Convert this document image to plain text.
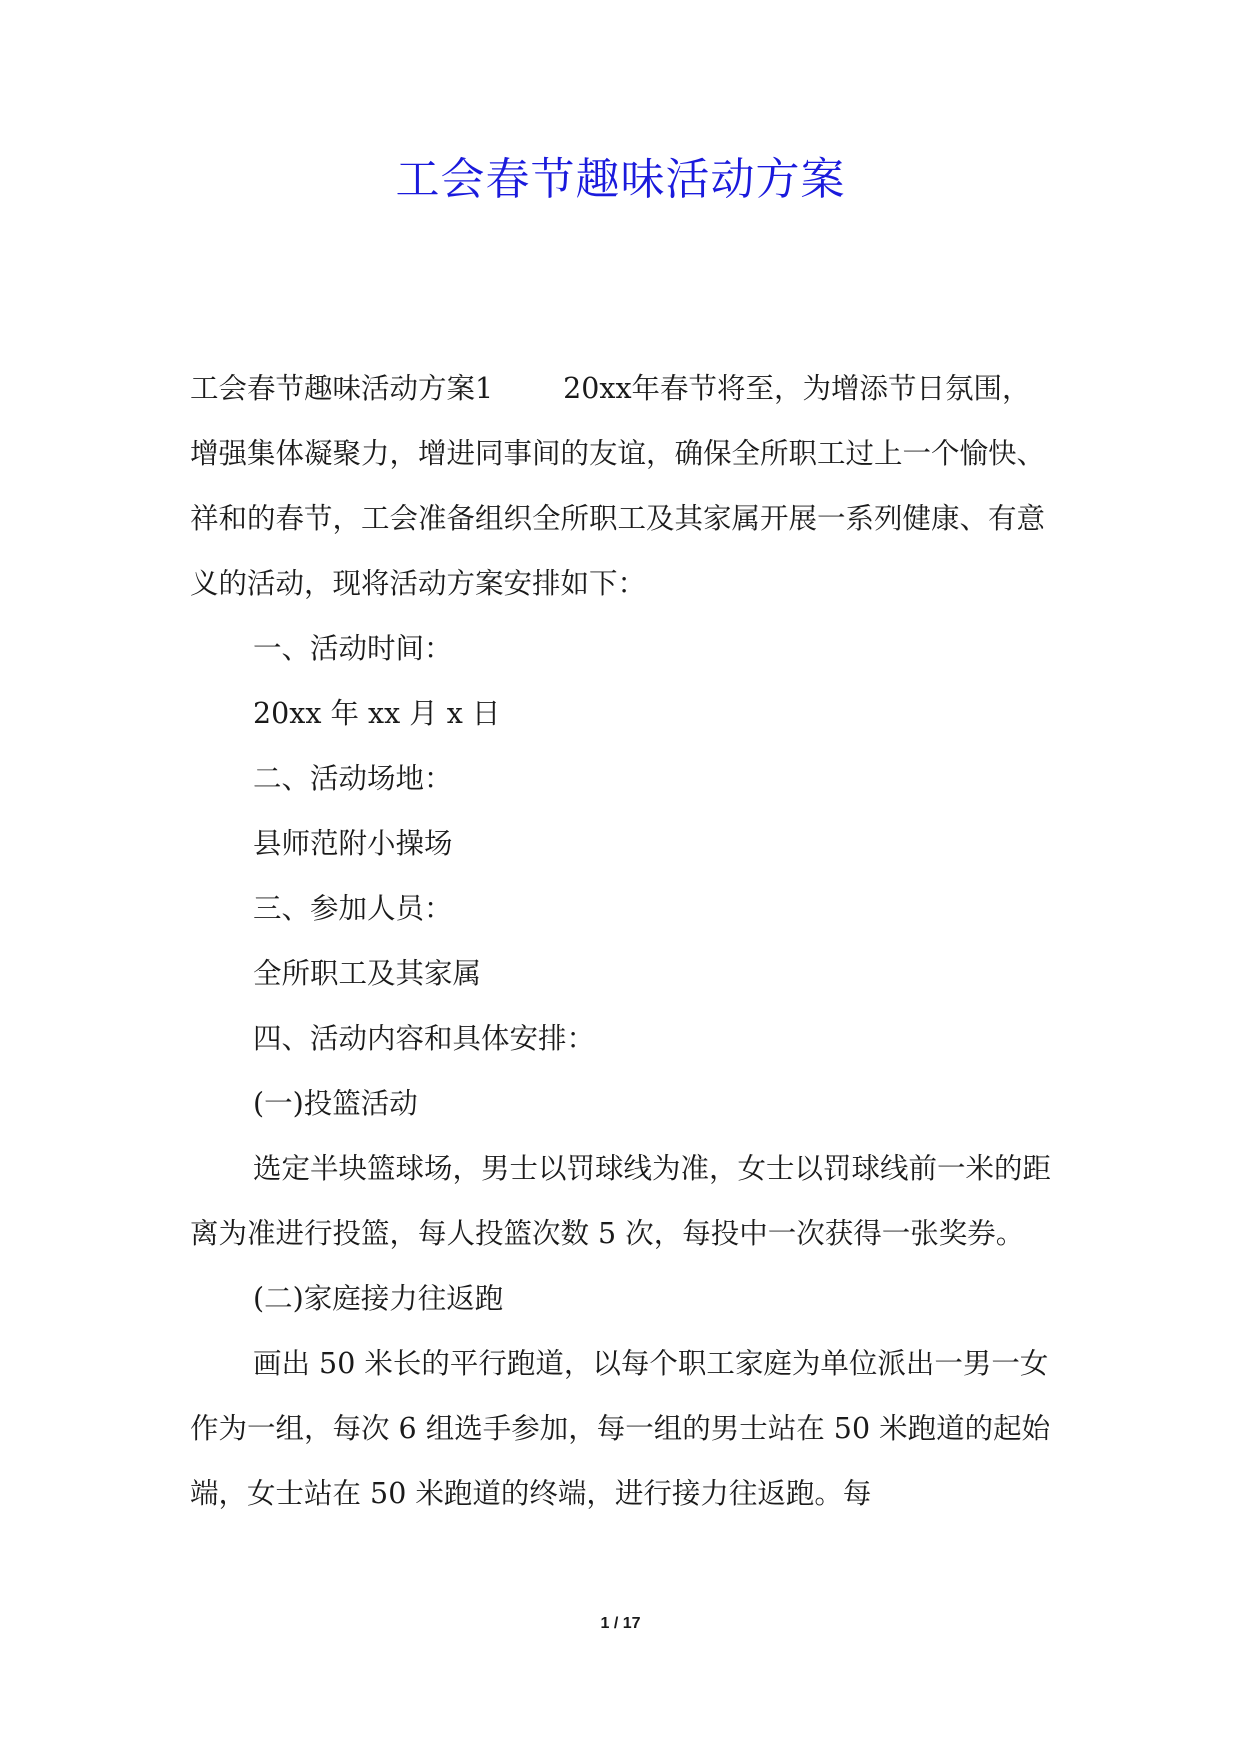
工会春节趣味活动方案

工会春节趣味活动方案1 20xx年春节将至，为增添节日氛围，增强集体凝聚力，增进同事间的友谊，确保全所职工过上一个愉快、祥和的春节，工会准备组织全所职工及其家属开展一系列健康、有意义的活动，现将活动方案安排如下：

一、活动时间：

20xx 年 xx 月 x 日

二、活动场地：

县师范附小操场

三、参加人员：

全所职工及其家属

四、活动内容和具体安排：

(一)投篮活动

选定半块篮球场，男士以罚球线为准，女士以罚球线前一米的距离为准进行投篮，每人投篮次数 5 次，每投中一次获得一张奖券。

(二)家庭接力往返跑

画出 50 米长的平行跑道，以每个职工家庭为单位派出一男一女作为一组，每次 6 组选手参加，每一组的男士站在 50 米跑道的起始端，女士站在 50 米跑道的终端，进行接力往返跑。每

1 / 17
